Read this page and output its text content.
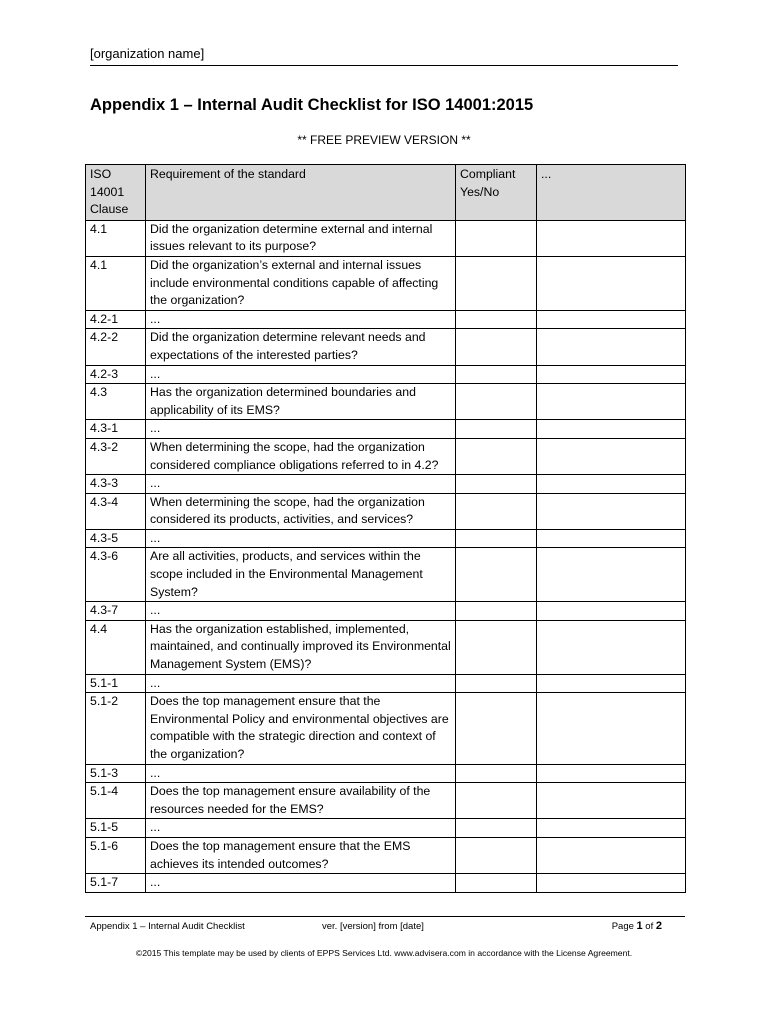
[organization name]
Appendix 1 – Internal Audit Checklist for ISO 14001:2015
** FREE PREVIEW VERSION **
ISO 14001 Clause	Requirement of the standard	Compliant Yes/No	...
4.1	Did the organization determine external and internal issues relevant to its purpose?		
4.1	Did the organization’s external and internal issues include environmental conditions capable of affecting the organization?		
4.2-1	...		
4.2-2	Did the organization determine relevant needs and expectations of the interested parties?		
4.2-3	...		
4.3	Has the organization determined boundaries and applicability of its EMS?		
4.3-1	...		
4.3-2	When determining the scope, had the organization considered compliance obligations referred to in 4.2?		
4.3-3	...		
4.3-4	When determining the scope, had the organization considered its products, activities, and services?		
4.3-5	...		
4.3-6	Are all activities, products, and services within the scope included in the Environmental Management System?		
4.3-7	...		
4.4	Has the organization established, implemented, maintained, and continually improved its Environmental Management System (EMS)?		
5.1-1	...		
5.1-2	Does the top management ensure that the Environmental Policy and environmental objectives are compatible with the strategic direction and context of the organization?		
5.1-3	...		
5.1-4	Does the top management ensure availability of the resources needed for the EMS?		
5.1-5	...		
5.1-6	Does the top management ensure that the EMS achieves its intended outcomes?		
5.1-7	...		
Appendix 1 – Internal Audit Checklist	ver. [version] from [date]	Page 1 of 2
©2015 This template may be used by clients of EPPS Services Ltd. www.advisera.com in accordance with the License Agreement.
